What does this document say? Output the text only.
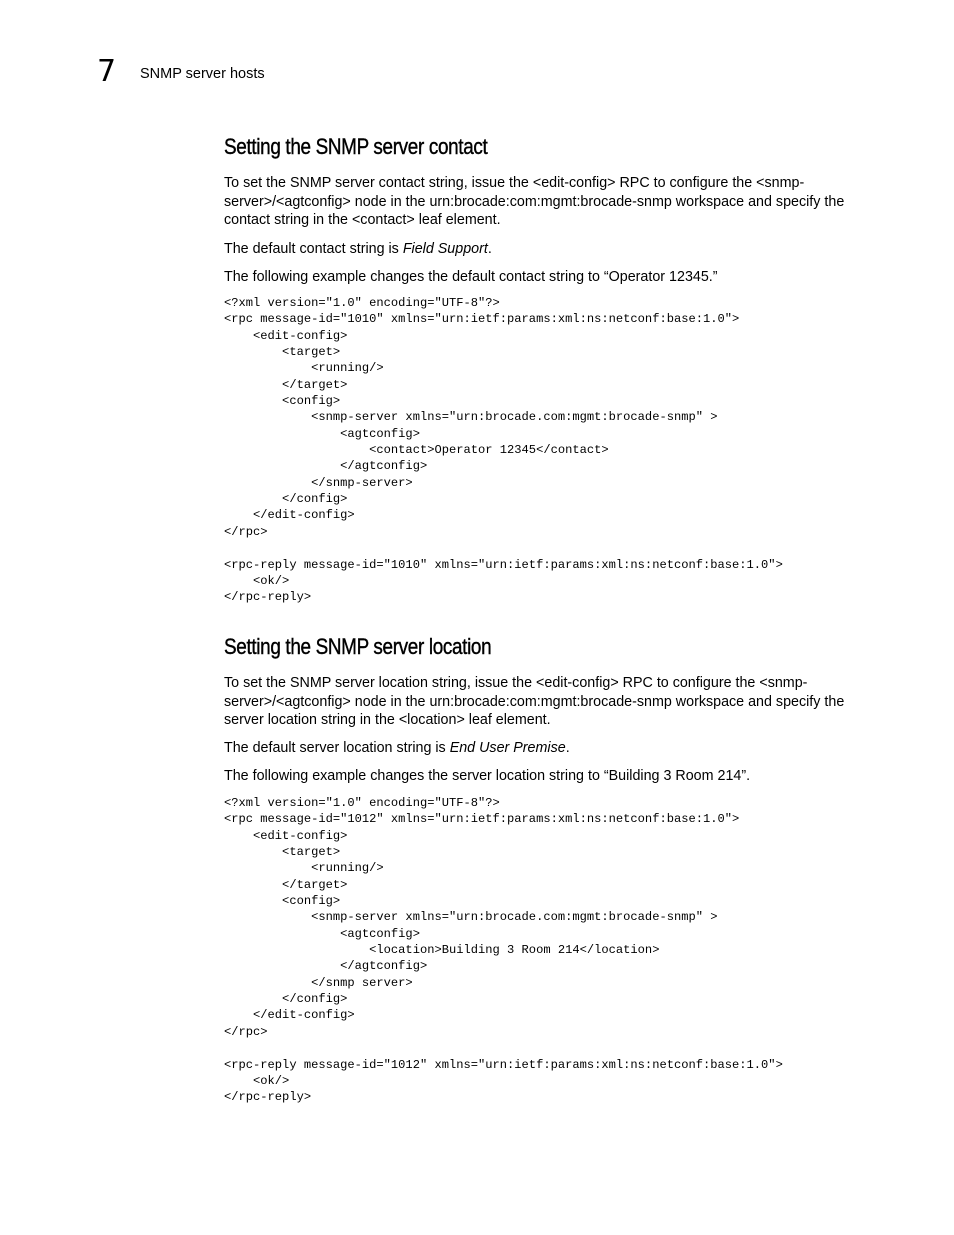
7 SNMP server hosts
Setting the SNMP server contact

To set the SNMP server contact string, issue the <edit-config> RPC to configure the <snmp-server>/<agtconfig> node in the urn:brocade:com:mgmt:brocade-snmp workspace and specify the contact string in the <contact> leaf element.

The default contact string is Field Support.

The following example changes the default contact string to “Operator 12345.”

<?xml version="1.0" encoding="UTF-8"?>
<rpc message-id="1010" xmlns="urn:ietf:params:xml:ns:netconf:base:1.0">
<edit-config>
<target>
<running/>
</target>
<config>
<snmp-server xmlns="urn:brocade.com:mgmt:brocade-snmp" >
<agtconfig>
<contact>Operator 12345</contact>
</agtconfig>
</snmp-server>
</config>
</edit-config>
</rpc>
<rpc-reply message-id="1010" xmlns="urn:ietf:params:xml:ns:netconf:base:1.0">
<ok/>
</rpc-reply>
Setting the SNMP server location

To set the SNMP server location string, issue the <edit-config> RPC to configure the <snmp-server>/<agtconfig> node in the urn:brocade:com:mgmt:brocade-snmp workspace and specify the server location string in the <location> leaf element.

The default server location string is End User Premise.

The following example changes the server location string to “Building 3 Room 214”.

<?xml version="1.0" encoding="UTF-8"?>
<rpc message-id="1012" xmlns="urn:ietf:params:xml:ns:netconf:base:1.0">
<edit-config>
<target>
<running/>
</target>
<config>
<snmp-server xmlns="urn:brocade.com:mgmt:brocade-snmp" >
<agtconfig>
<location>Building 3 Room 214</location>
</agtconfig>
</snmp server>
</config>
</edit-config>
</rpc>
<rpc-reply message-id="1012" xmlns="urn:ietf:params:xml:ns:netconf:base:1.0">
<ok/>
</rpc-reply>
